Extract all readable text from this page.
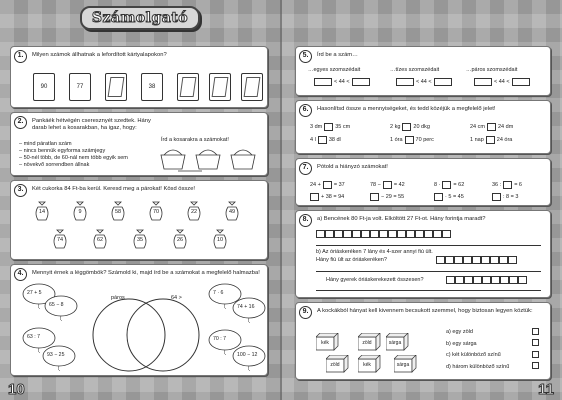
Számolgató
1.	Milyen számok állhatnak a lefordított kártyalapokon?
90	77	38
2.	Pankáék hétvégén cseresznyét szedtek. Hány darab lehet a kosarakban, ha igaz, hogy:
– mind páratlan szám
– nincs bennük egyforma számjegy
– 50-nél több, de 60-nál nem több egyik sem
– növekvő sorrendben állnak
Írd a kosarakra a számokat!
3.	Két cukorka 84 Ft-ba kerül. Keresd meg a párokat! Kösd össze!
14	9	58	70	22	49
74	62	35	26	10
4.	Mennyit érnek a léggömbök? Számold ki, majd írd be a számokat a megfelelő halmazba!
páros	64 >
27 + 5
65 − 8
63 : 7
93 − 25
7 · 6
74 + 16
70 : 7
100 − 12
10
5.	Írd be a szám…
…egyes szomszédait	…tízes szomszédait	…páros szomszédait
< 44 <	< 44 <	< 44 <
6.	Hasonlítsd össze a mennyiségeket, és tedd közéjük a megfelelő jelet!
3 dm 35 cm	2 kg 20 dkg	24 cm 24 dm
4 l 38 dl	1 óra 70 perc	1 nap 24 óra
7.	Pótold a hiányzó számokat!
24 + = 37	78 − = 42	8 · = 62	36 : = 6
+ 38 = 94	− 29 = 55	· 5 = 45	: 8 = 3
8.	a) Bencének 80 Ft-ja volt. Elköltött 27 Ft-ot. Hány forintja maradt?
b) Az óriáskeréken 7 lány és 4-szer annyi fiú ült.
Hány fiú ült az óriáskeréken?
Hány gyerek óriáskerekezett összesen?
9.	A kockákból hányat kell kivennem becsukott szemmel, hogy biztosan legyen köztük:
kék	zöld	sárga
zöld	kék	sárga
a) egy zöld
b) egy sárga
c) két különböző színű
d) három különböző színű
11
